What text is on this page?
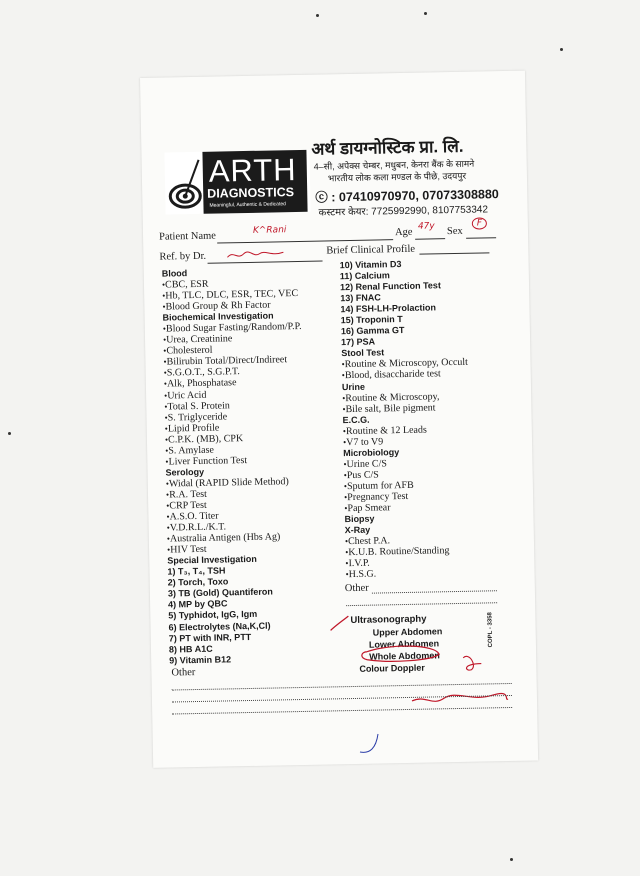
ARTH
DIAGNOSTICS
Meaningful, Authentic & Dedicated
अर्थ डायग्नोस्टिक प्रा. लि.
4–सी, अपेक्स चेम्बर, मधुबन, केनरा बैंक के सामने
भारतीय लोक कला मण्डल के पीछे, उदयपुर
ⓒ : 07410970970, 07073308880
कस्टमर केयर: 7725992990, 8107753342
Patient Name
K^Rani	Age
47y Sex
F
Ref. by Dr.
Brief Clinical Profile
Blood
• CBC, ESR
• Hb, TLC, DLC, ESR, TEC, VEC
• Blood Group & Rh Factor
Biochemical Investigation
• Blood Sugar Fasting/Random/P.P.
• Urea, Creatinine
• Cholesterol
• Bilirubin Total/Direct/Indireet
• S.G.O.T., S.G.P.T.
• Alk, Phosphatase
• Uric Acid
• Total S. Protein
• S. Triglyceride
• Lipid Profile
• C.P.K. (MB), CPK
• S. Amylase
• Liver Function Test
Serology
• Widal (RAPID Slide Method)
• R.A. Test
• CRP Test
• A.S.O. Titer
• V.D.R.L./K.T.
• Australia Antigen (Hbs Ag)
• HIV Test
Special Investigation
1) T₃, T₄, TSH
2) Torch, Toxo
3) TB (Gold) Quantiferon
4) MP by QBC
5) Typhidot, IgG, Igm
6) Electrolytes (Na,K,Cl)
7) PT with INR, PTT
8) HB A1C
9) Vitamin B12
10) Vitamin D3
11) Calcium
12) Renal Function Test
13) FNAC
14) FSH-LH-Prolaction
15) Troponin T
16) Gamma GT
17) PSA
Stool Test
• Routine & Microscopy, Occult
• Blood, disaccharide test
Urine
• Routine & Microscopy,
• Bile salt, Bile pigment
E.C.G.
• Routine & 12 Leads
• V7 to V9
Microbiology
• Urine C/S
• Pus C/S
• Sputum for AFB
• Pregnancy Test
• Pap Smear
Biopsy
X-Ray
• Chest P.A.
• K.U.B. Routine/Standing
• I.V.P.
• H.S.G.
Other
Ultrasonography
Upper Abdomen
Lower Abdomen
Whole Abdomen
Colour Doppler
COPL - 3358
Other
